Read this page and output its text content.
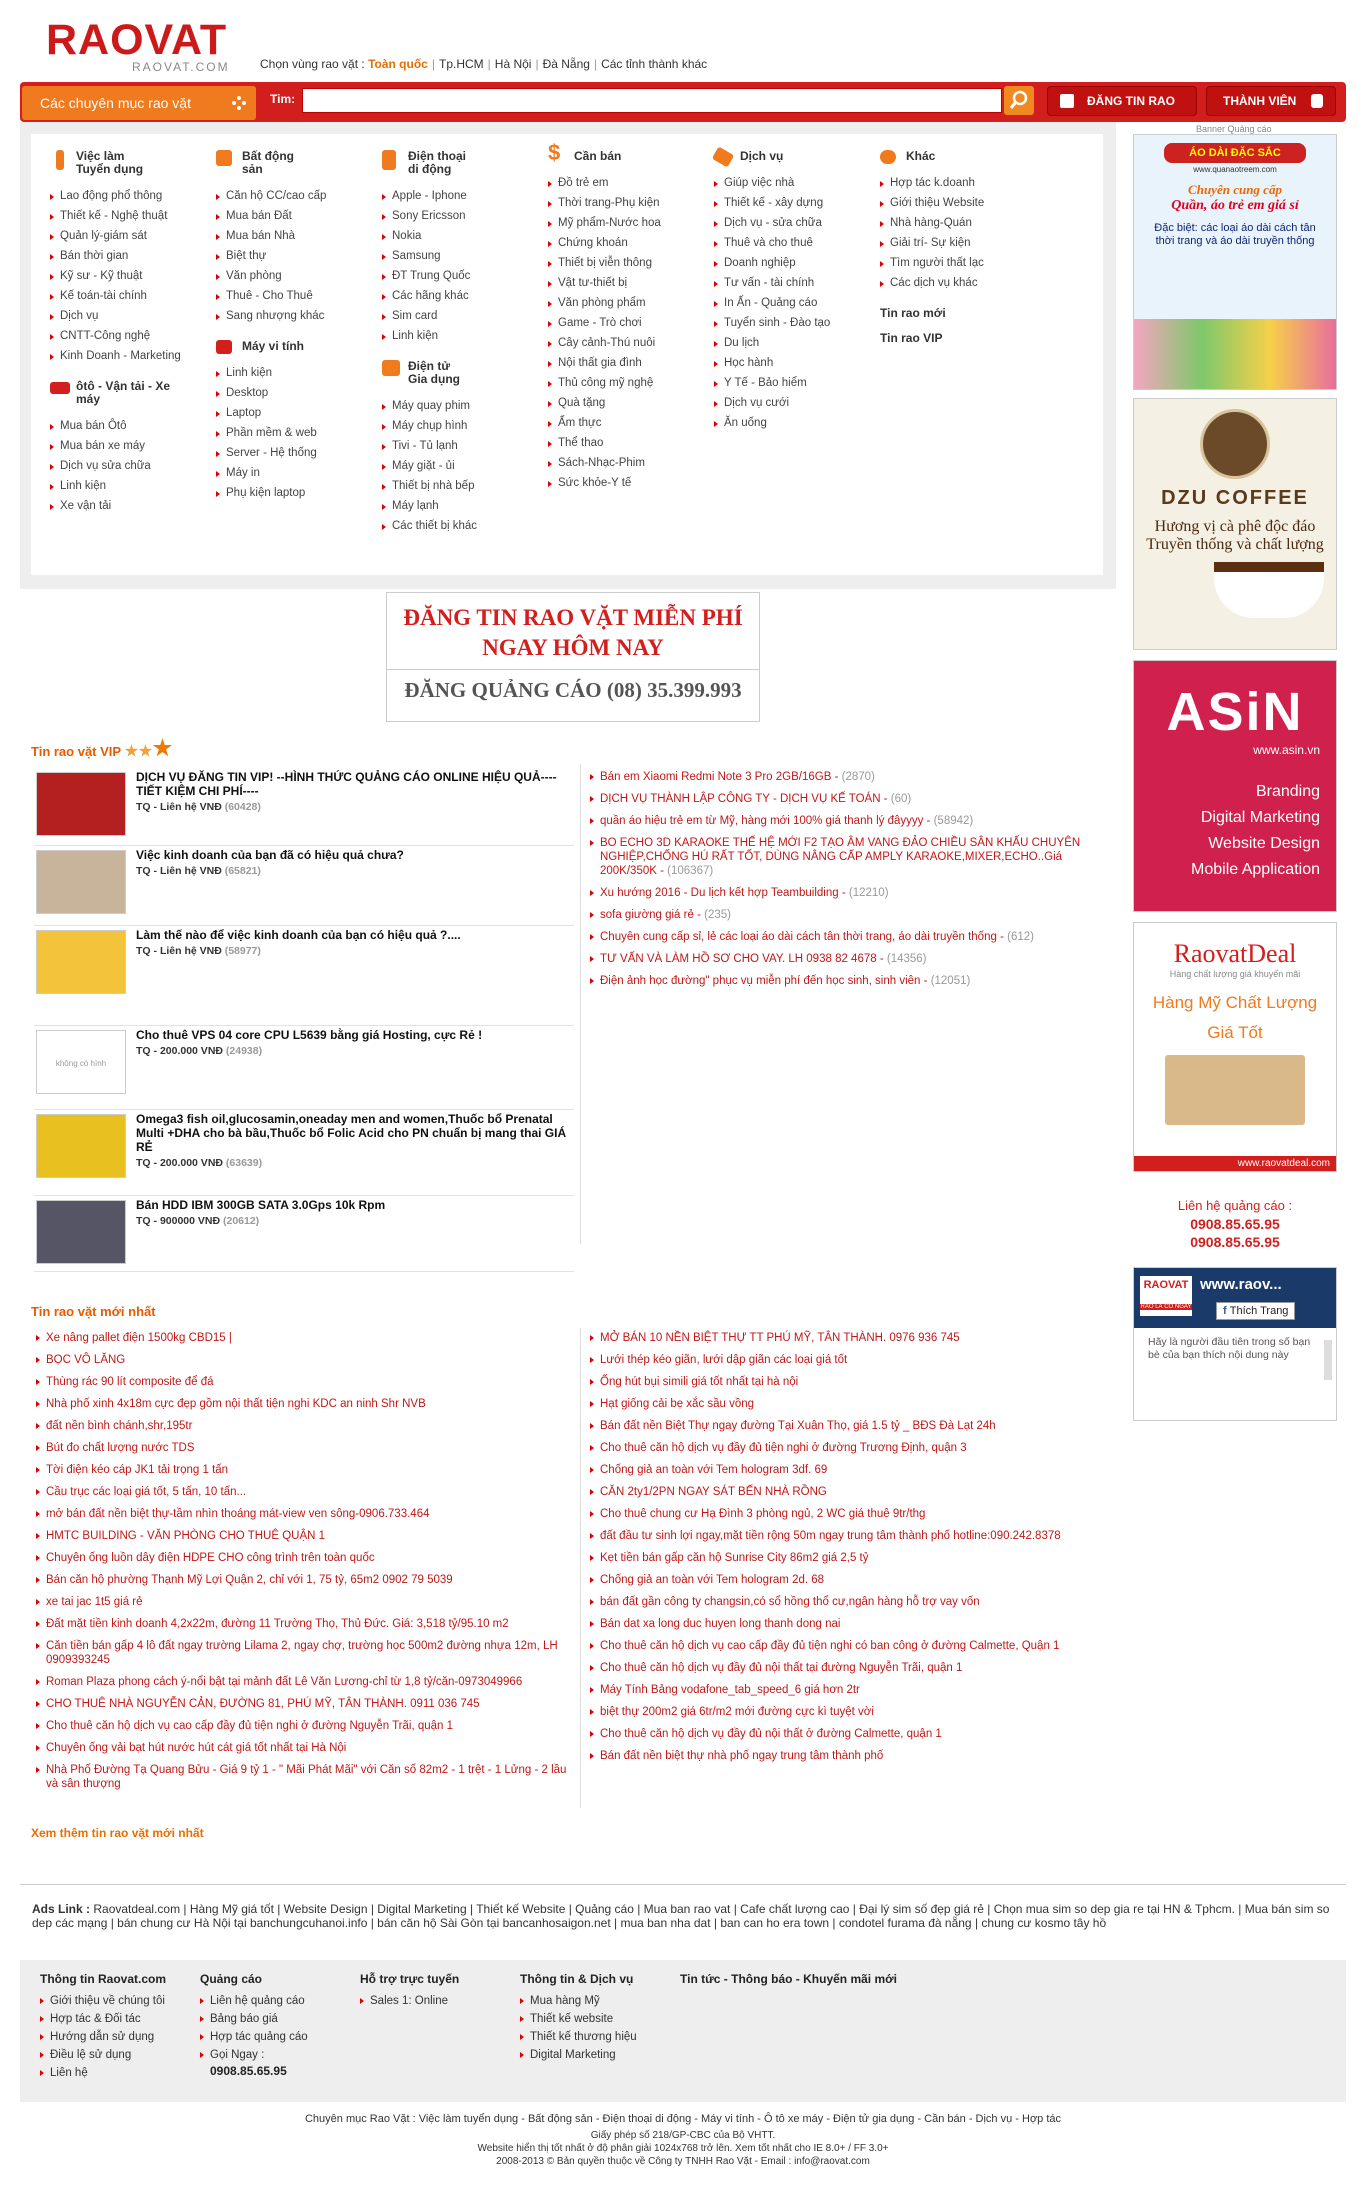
RAOVAT
RAOVAT.COM	Chọn vùng rao vặt : Toàn quốc | Tp.HCM | Hà Nội | Đà Nẵng | Các tỉnh thành khác
Các chuyên mục rao vặt	Tim:	ĐĂNG TIN RAO	THÀNH VIÊN
Việc làm
Tuyển dụng
Lao động phổ thông
Thiết kế - Nghệ thuật
Quản lý-giám sát
Bán thời gian
Kỹ sư - Kỹ thuật
Kế toán-tài chính
Dịch vụ
CNTT-Công nghệ
Kinh Doanh - Marketing
ôtô - Vận tải - Xe
máy
Mua bán Ôtô
Mua bán xe máy
Dịch vụ sửa chữa
Linh kiện
Xe vận tải
Bất động
sản
Căn hộ CC/cao cấp
Mua bán Đất
Mua bán Nhà
Biệt thự
Văn phòng
Thuê - Cho Thuê
Sang nhượng khác
Máy vi tính
Linh kiện
Desktop
Laptop
Phần mềm & web
Server - Hệ thống
Máy in
Phụ kiện laptop
Điện thoại
di động
Apple - Iphone
Sony Ericsson
Nokia
Samsung
ĐT Trung Quốc
Các hãng khác
Sim card
Linh kiện
Điện tử
Gia dụng
Máy quay phim
Máy chụp hình
Tivi - Tủ lạnh
Máy giặt - ủi
Thiết bị nhà bếp
Máy lạnh
Các thiết bị khác
$	Cần bán
Đồ trẻ em
Thời trang-Phụ kiện
Mỹ phẩm-Nước hoa
Chứng khoán
Thiết bị viễn thông
Vật tư-thiết bị
Văn phòng phẩm
Game - Trò chơi
Cây cảnh-Thú nuôi
Nội thất gia đình
Thủ công mỹ nghệ
Quà tặng
Ẩm thực
Thể thao
Sách-Nhạc-Phim
Sức khỏe-Y tế
Dịch vụ
Giúp việc nhà
Thiết kế - xây dựng
Dịch vụ - sửa chữa
Thuê và cho thuê
Doanh nghiệp
Tư vấn - tài chính
In Ấn - Quảng cáo
Tuyển sinh - Đào tạo
Du lịch
Học hành
Y Tế - Bảo hiểm
Dịch vụ cưới
Ăn uống
Khác
Hợp tác k.doanh
Giới thiệu Website
Nhà hàng-Quán
Giải trí- Sự kiện
Tìm người thất lạc
Các dịch vụ khác
Tin rao mới
Tin rao VIP
ĐĂNG TIN RAO VẶT MIỄN PHÍ
NGAY HÔM NAY
ĐĂNG QUẢNG CÁO (08) 35.399.993
Tin rao vặt VIP
DỊCH VỤ ĐĂNG TIN VIP! --HÌNH THỨC QUẢNG CÁO ONLINE HIỆU QUẢ----TIẾT KIỆM CHI PHÍ----
TQ - Liên hệ VNĐ (60428)
Việc kinh doanh của bạn đã có hiệu quả chưa?
TQ - Liên hệ VNĐ (65821)
Làm thế nào để việc kinh doanh của bạn có hiệu quả ?....
TQ - Liên hệ VNĐ (58977)
không có hình
Cho thuê VPS 04 core CPU L5639 bằng giá Hosting, cực Rẻ !
TQ - 200.000 VNĐ (24938)
Omega3 fish oil,glucosamin,oneaday men and women,Thuốc bổ Prenatal Multi +DHA cho bà bầu,Thuốc bổ Folic Acid cho PN chuẩn bị mang thai GIÁ RẺ
TQ - 200.000 VNĐ (63639)
Bán HDD IBM 300GB SATA 3.0Gps 10k Rpm
TQ - 900000 VNĐ (20612)
Bán em Xiaomi Redmi Note 3 Pro 2GB/16GB - (2870)
DỊCH VỤ THÀNH LẬP CÔNG TY - DỊCH VỤ KẾ TOÁN - (60)
quần áo hiệu trẻ em từ Mỹ, hàng mới 100% giá thanh lý đâyyyy - (58942)
BO ECHO 3D KARAOKE THẾ HỆ MỚI F2 TẠO ÂM VANG ĐẢO CHIỀU SÂN KHẤU CHUYÊN NGHIỆP,CHỐNG HÚ RẤT TỐT, DÙNG NÂNG CẤP AMPLY KARAOKE,MIXER,ECHO..Giá 200K/350K - (106367)
Xu hướng 2016 - Du lịch kết hợp Teambuilding - (12210)
sofa giường giá rẻ - (235)
Chuyên cung cấp sỉ, lẻ các loại áo dài cách tân thời trang, áo dài truyền thống - (612)
TƯ VẤN VÀ LÀM HỒ SƠ CHO VAY. LH 0938 82 4678 - (14356)
Điện ảnh học đường" phục vụ miễn phí đến học sinh, sinh viên - (12051)
Tin rao vặt mới nhất
Xe nâng pallet điện 1500kg CBD15 |
BỌC VÔ LĂNG
Thùng rác 90 lít composite để đá
Nhà phố xinh 4x18m cực đẹp gồm nội thất tiện nghi KDC an ninh Shr NVB
đất nền bình chánh,shr,195tr
Bút đo chất lượng nước TDS
Tời điện kéo cáp JK1 tải trọng 1 tấn
Cầu trục các loại giá tốt, 5 tấn, 10 tấn...
mở bán đất nền biệt thự-tầm nhìn thoáng mát-view ven sông-0906.733.464
HMTC BUILDING - VĂN PHÒNG CHO THUÊ QUẬN 1
Chuyên ống luồn dây điện HDPE CHO công trình trên toàn quốc
Bán căn hộ phường Thạnh Mỹ Lợi Quận 2, chỉ với 1, 75 tỷ, 65m2 0902 79 5039
xe tai jac 1t5 giá rẻ
Đất mặt tiền kinh doanh 4,2x22m, đường 11 Trường Thọ, Thủ Đức. Giá: 3,518 tỷ/95.10 m2
Căn tiền bán gấp 4 lô đất ngay trường Lilama 2, ngay chợ, trường học 500m2 đường nhựa 12m, LH 0909393245
Roman Plaza phong cách ý-nổi bật tại mảnh đất Lê Văn Lương-chỉ từ 1,8 tỷ/căn-0973049966
CHO THUÊ NHÀ NGUYỄN CẢN, ĐƯỜNG 81, PHÚ MỸ, TÂN THÀNH. 0911 036 745
Cho thuê căn hộ dịch vụ cao cấp đầy đủ tiện nghi ở đường Nguyễn Trãi, quận 1
Chuyên ống vải bạt hút nước hút cát giá tốt nhất tại Hà Nội
Nhà Phố Đường Tạ Quang Bửu - Giá 9 tỷ 1 - " Mãi Phát Mãi" với Căn số 82m2 - 1 trệt - 1 Lửng - 2 lầu và sân thượng
MỞ BÁN 10 NỀN BIỆT THỰ TT PHÚ MỸ, TÂN THÀNH. 0976 936 745
Lưới thép kéo giãn, lưới dập giãn các loại giá tốt
Ống hút bụi simili giá tốt nhất tại hà nội
Hạt giống cải bẹ xắc sầu vồng
Bán đất nền Biệt Thự ngay đường Tại Xuân Thọ, giá 1.5 tỷ _ BĐS Đà Lạt 24h
Cho thuê căn hộ dịch vụ đầy đủ tiện nghi ở đường Trương Định, quận 3
Chống giả an toàn với Tem hologram 3df. 69
CĂN 2ty1/2PN NGAY SÁT BẾN NHÀ RỒNG
Cho thuê chung cư Hạ Đình 3 phòng ngủ, 2 WC giá thuê 9tr/thg
đất đầu tư sinh lợi ngay,mặt tiền rộng 50m ngay trung tâm thành phố hotline:090.242.8378
Kẹt tiền bán gấp căn hộ Sunrise City 86m2 giá 2,5 tỷ
Chống giả an toàn với Tem hologram 2d. 68
bán đất gần công ty changsin,có sổ hồng thổ cư,ngân hàng hỗ trợ vay vốn
Bán dat xa long duc huyen long thanh dong nai
Cho thuê căn hộ dịch vụ cao cấp đầy đủ tiện nghi có ban công ở đường Calmette, Quận 1
Cho thuê căn hộ dịch vụ đầy đủ nội thất tại đường Nguyễn Trãi, quận 1
Máy Tính Bảng vodafone_tab_speed_6 giá hơn 2tr
biệt thự 200m2 giá 6tr/m2 mới đường cực kì tuyệt vời
Cho thuê căn hộ dịch vụ đầy đủ nội thất ở đường Calmette, quận 1
Bán đất nền biệt thự nhà phố ngay trung tâm thành phố
Xem thêm tin rao vặt mới nhất
Banner Quảng cáo
ÁO DÀI ĐẶC SẮC
www.quanaotreem.com
Chuyên cung cấp
Quần, áo trẻ em giá sỉ
Đặc biệt: các loại áo dài cách tân thời trang và áo dài truyền thống
DZU COFFEE
Hương vị cà phê độc đáo
Truyền thống và chất lượng
ASiN
www.asin.vn
Branding
Digital Marketing
Website Design
Mobile Application
RaovatDeal
Hàng chất lượng giá khuyến mãi
Hàng Mỹ Chất Lượng
Giá Tốt
www.raovatdeal.com
Liên hệ quảng cáo :
0908.85.65.95
0908.85.65.95
RAOVAT
RAO LÀ CÓ NGAY
www.raov...
f Thích Trang
Hãy là người đầu tiên trong số bạn bè của bạn thích nội dung này
Ads Link : Raovatdeal.com | Hàng Mỹ giá tốt | Website Design | Digital Marketing | Thiết kế Website | Quảng cáo | Mua ban rao vat | Cafe chất lượng cao | Đại lý sim số đẹp giá rẻ | Chọn mua sim so dep gia re tại HN & Tphcm. | Mua bán sim so dep các mạng | bán chung cư Hà Nội tại banchungcuhanoi.info | bán căn hộ Sài Gòn tại bancanhosaigon.net | mua ban nha dat | ban can ho era town | condotel furama đà nẵng | chung cư kosmo tây hồ
Thông tin Raovat.com
Giới thiệu về chúng tôi
Hợp tác & Đối tác
Hướng dẫn sử dụng
Điều lệ sử dụng
Liên hệ
Quảng cáo
Liên hệ quảng cáo
Bảng báo giá
Hợp tác quảng cáo
Gọi Ngay :
0908.85.65.95
Hỗ trợ trực tuyến
Sales 1: Online
Thông tin & Dịch vụ
Mua hàng Mỹ
Thiết kế website
Thiết kế thương hiệu
Digital Marketing
Tin tức - Thông báo - Khuyến mãi mới
Chuyên mục Rao Vặt : Việc làm tuyển dụng - Bất động sản - Điện thoại di động - Máy vi tính - Ô tô xe máy - Điện tử gia dụng - Cần bán - Dịch vụ - Hợp tác
Giấy phép số 218/GP-CBC của Bộ VHTT.
Website hiển thị tốt nhất ở độ phân giải 1024x768 trở lên. Xem tốt nhất cho IE 8.0+ / FF 3.0+
2008-2013 © Bản quyền thuộc về Công ty TNHH Rao Vặt - Email : info@raovat.com
